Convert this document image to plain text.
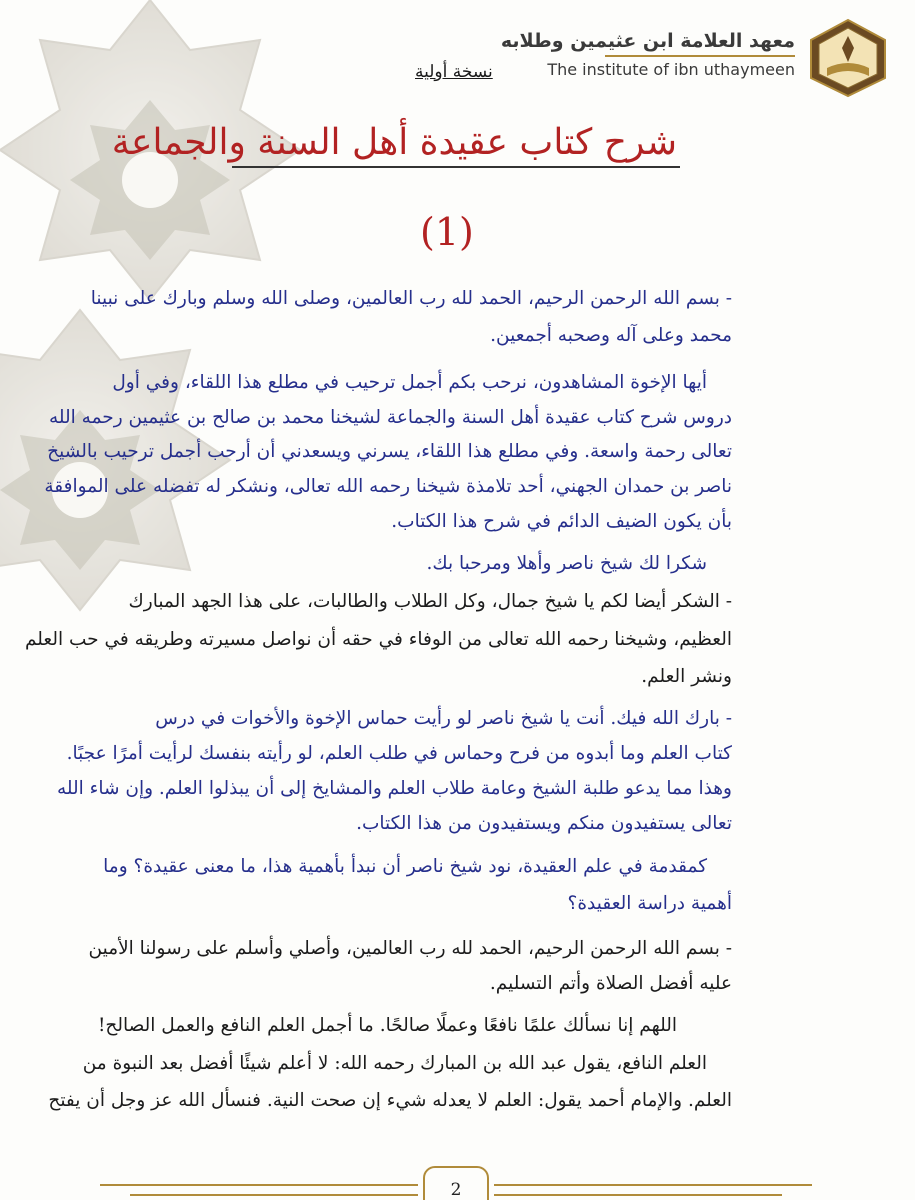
معهد العلامة ابن عثيمين وطلابه
The institute of ibn uthaymeen
نسخة أولية
شرح كتاب عقيدة أهل السنة والجماعة
(1)
- بسم الله الرحمن الرحيم، الحمد لله رب العالمين، وصلى الله وسلم وبارك على نبينا
محمد وعلى آله وصحبه أجمعين.
أيها الإخوة المشاهدون، نرحب بكم أجمل ترحيب في مطلع هذا اللقاء، وفي أول
دروس شرح كتاب عقيدة أهل السنة والجماعة لشيخنا محمد بن صالح بن عثيمين رحمه الله
تعالى رحمة واسعة. وفي مطلع هذا اللقاء، يسرني ويسعدني أن أرحب أجمل ترحيب بالشيخ
ناصر بن حمدان الجهني، أحد تلامذة شيخنا رحمه الله تعالى، ونشكر له تفضله على الموافقة
بأن يكون الضيف الدائم في شرح هذا الكتاب.
شكرا لك شيخ ناصر وأهلا ومرحبا بك.
- الشكر أيضا لكم يا شيخ جمال، وكل الطلاب والطالبات، على هذا الجهد المبارك
العظيم، وشيخنا رحمه الله تعالى من الوفاء في حقه أن نواصل مسيرته وطريقه في حب العلم
ونشر العلم.
- بارك الله فيك. أنت يا شيخ ناصر لو رأيت حماس الإخوة والأخوات في درس
كتاب العلم وما أبدوه من فرح وحماس في طلب العلم، لو رأيته بنفسك لرأيت أمرًا عجبًا.
وهذا مما يدعو طلبة الشيخ وعامة طلاب العلم والمشايخ إلى أن يبذلوا العلم. وإن شاء الله
تعالى يستفيدون منكم ويستفيدون من هذا الكتاب.
كمقدمة في علم العقيدة، نود شيخ ناصر أن نبدأ بأهمية هذا، ما معنى عقيدة؟ وما
أهمية دراسة العقيدة؟
- بسم الله الرحمن الرحيم، الحمد لله رب العالمين، وأصلي وأسلم على رسولنا الأمين
عليه أفضل الصلاة وأتم التسليم.
اللهم إنا نسألك علمًا نافعًا وعملًا صالحًا. ما أجمل العلم النافع والعمل الصالح!
العلم النافع، يقول عبد الله بن المبارك رحمه الله: لا أعلم شيئًا أفضل بعد النبوة من
العلم. والإمام أحمد يقول: العلم لا يعدله شيء إن صحت النية. فنسأل الله عز وجل أن يفتح
2
